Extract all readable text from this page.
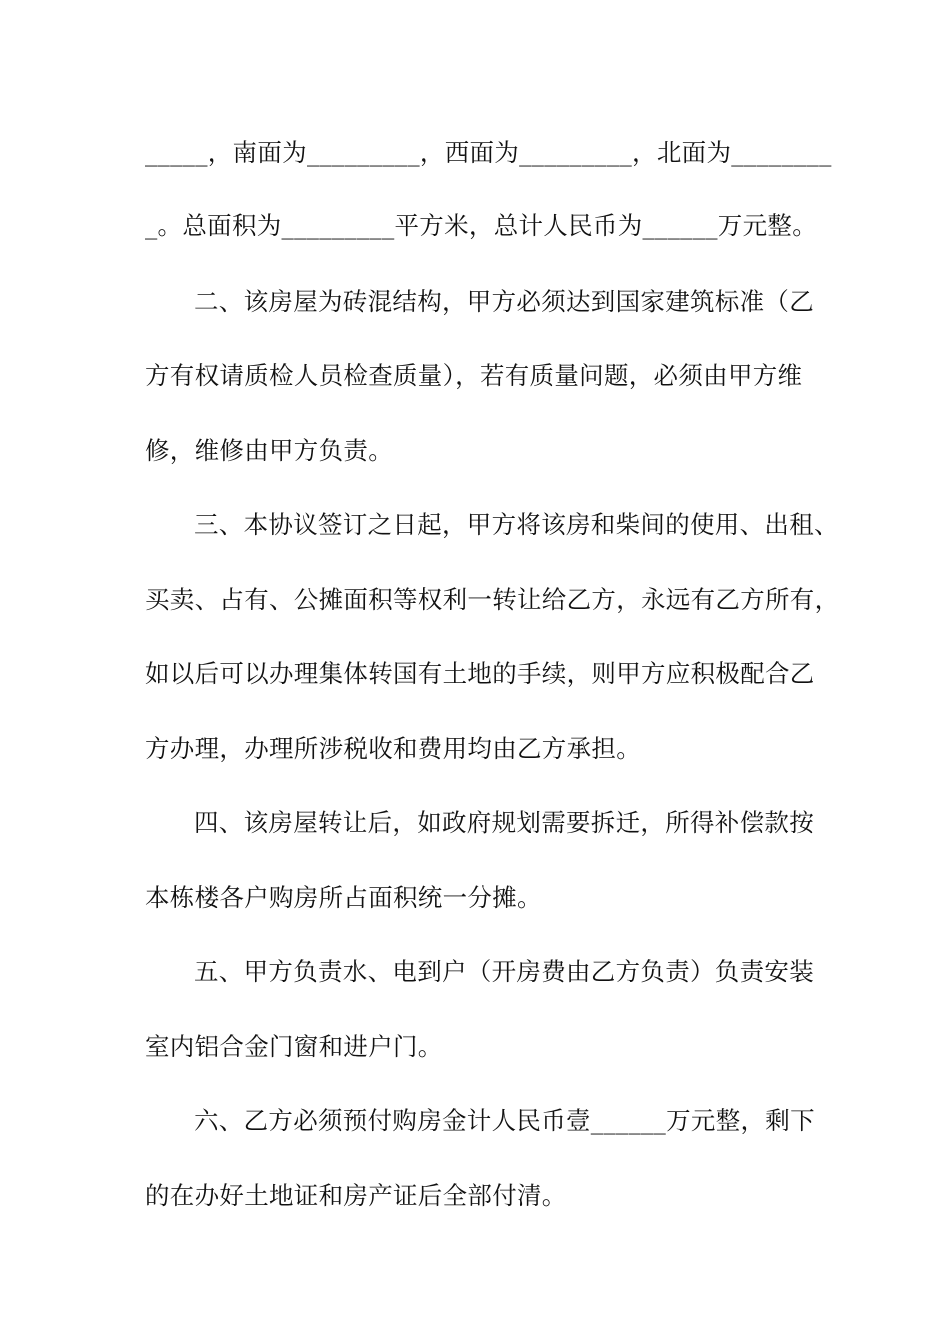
_____，南面为_________，西面为_________，北面为________
_。总面积为_________平方米，总计人民币为______万元整。
二、该房屋为砖混结构，甲方必须达到国家建筑标准（乙
方有权请质检人员检查质量），若有质量问题，必须由甲方维
修，维修由甲方负责。
三、本协议签订之日起，甲方将该房和柴间的使用、出租、
买卖、占有、公摊面积等权利一转让给乙方，永远有乙方所有，
如以后可以办理集体转国有土地的手续，则甲方应积极配合乙
方办理，办理所涉税收和费用均由乙方承担。
四、该房屋转让后，如政府规划需要拆迁，所得补偿款按
本栋楼各户购房所占面积统一分摊。
五、甲方负责水、电到户（开房费由乙方负责）负责安装
室内铝合金门窗和进户门。
六、乙方必须预付购房金计人民币壹______万元整，剩下
的在办好土地证和房产证后全部付清。
